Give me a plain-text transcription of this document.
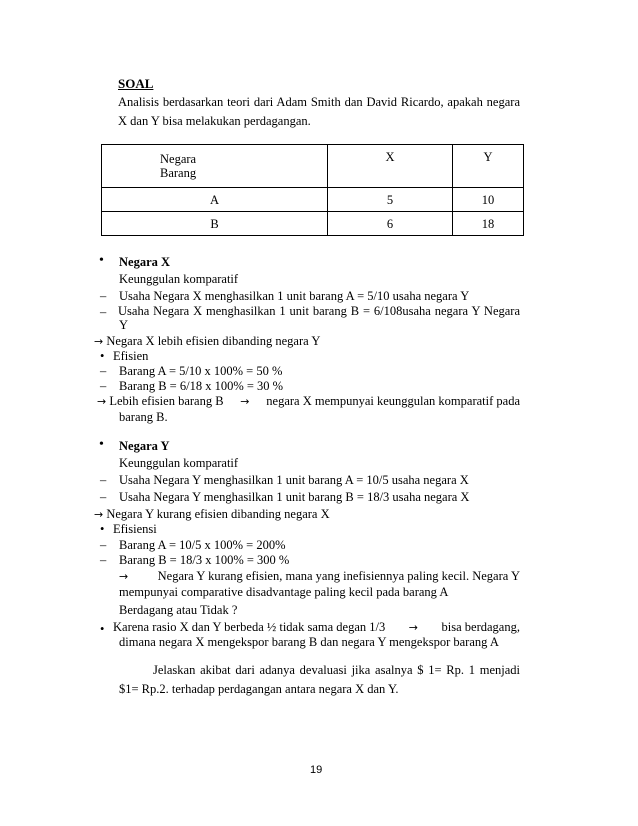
SOAL
Analisis berdasarkan teori dari Adam Smith dan David Ricardo, apakah negara
X dan Y bisa melakukan perdagangan.
Negara
Barang	X	Y
A	5	10
B	6	18
• Negara X
Keunggulan komparatif
– Usaha Negara X menghasilkan 1 unit barang A = 5/10 usaha negara Y
– Usaha Negara X menghasilkan 1 unit barang B = 6/108usaha negara Y Negara
Y
→ Negara X lebih efisien dibanding negara Y
• Efisien
– Barang A = 5/10 x 100% = 50 %
– Barang B = 6/18 x 100% = 30 %
→ Lebih efisien barang B → negara X mempunyai keunggulan komparatif pada
barang B.
• Negara Y
Keunggulan komparatif
– Usaha Negara Y menghasilkan 1 unit barang A = 10/5 usaha negara X
– Usaha Negara Y menghasilkan 1 unit barang B = 18/3 usaha negara X
→ Negara Y kurang efisien dibanding negara X
• Efisiensi
– Barang A = 10/5 x 100% = 200%
– Barang B = 18/3 x 100% = 300 %
→ Negara Y kurang efisien, mana yang inefisiennya paling kecil. Negara Y
mempunyai comparative disadvantage paling kecil pada barang A
Berdagang atau Tidak ?
• Karena rasio X dan Y berbeda ½ tidak sama degan 1/3 → bisa berdagang,
dimana negara X mengekspor barang B dan negara Y mengekspor barang A
Jelaskan akibat dari adanya devaluasi jika asalnya $ 1= Rp. 1 menjadi
$1= Rp.2. terhadap perdagangan antara negara X dan Y.
19
